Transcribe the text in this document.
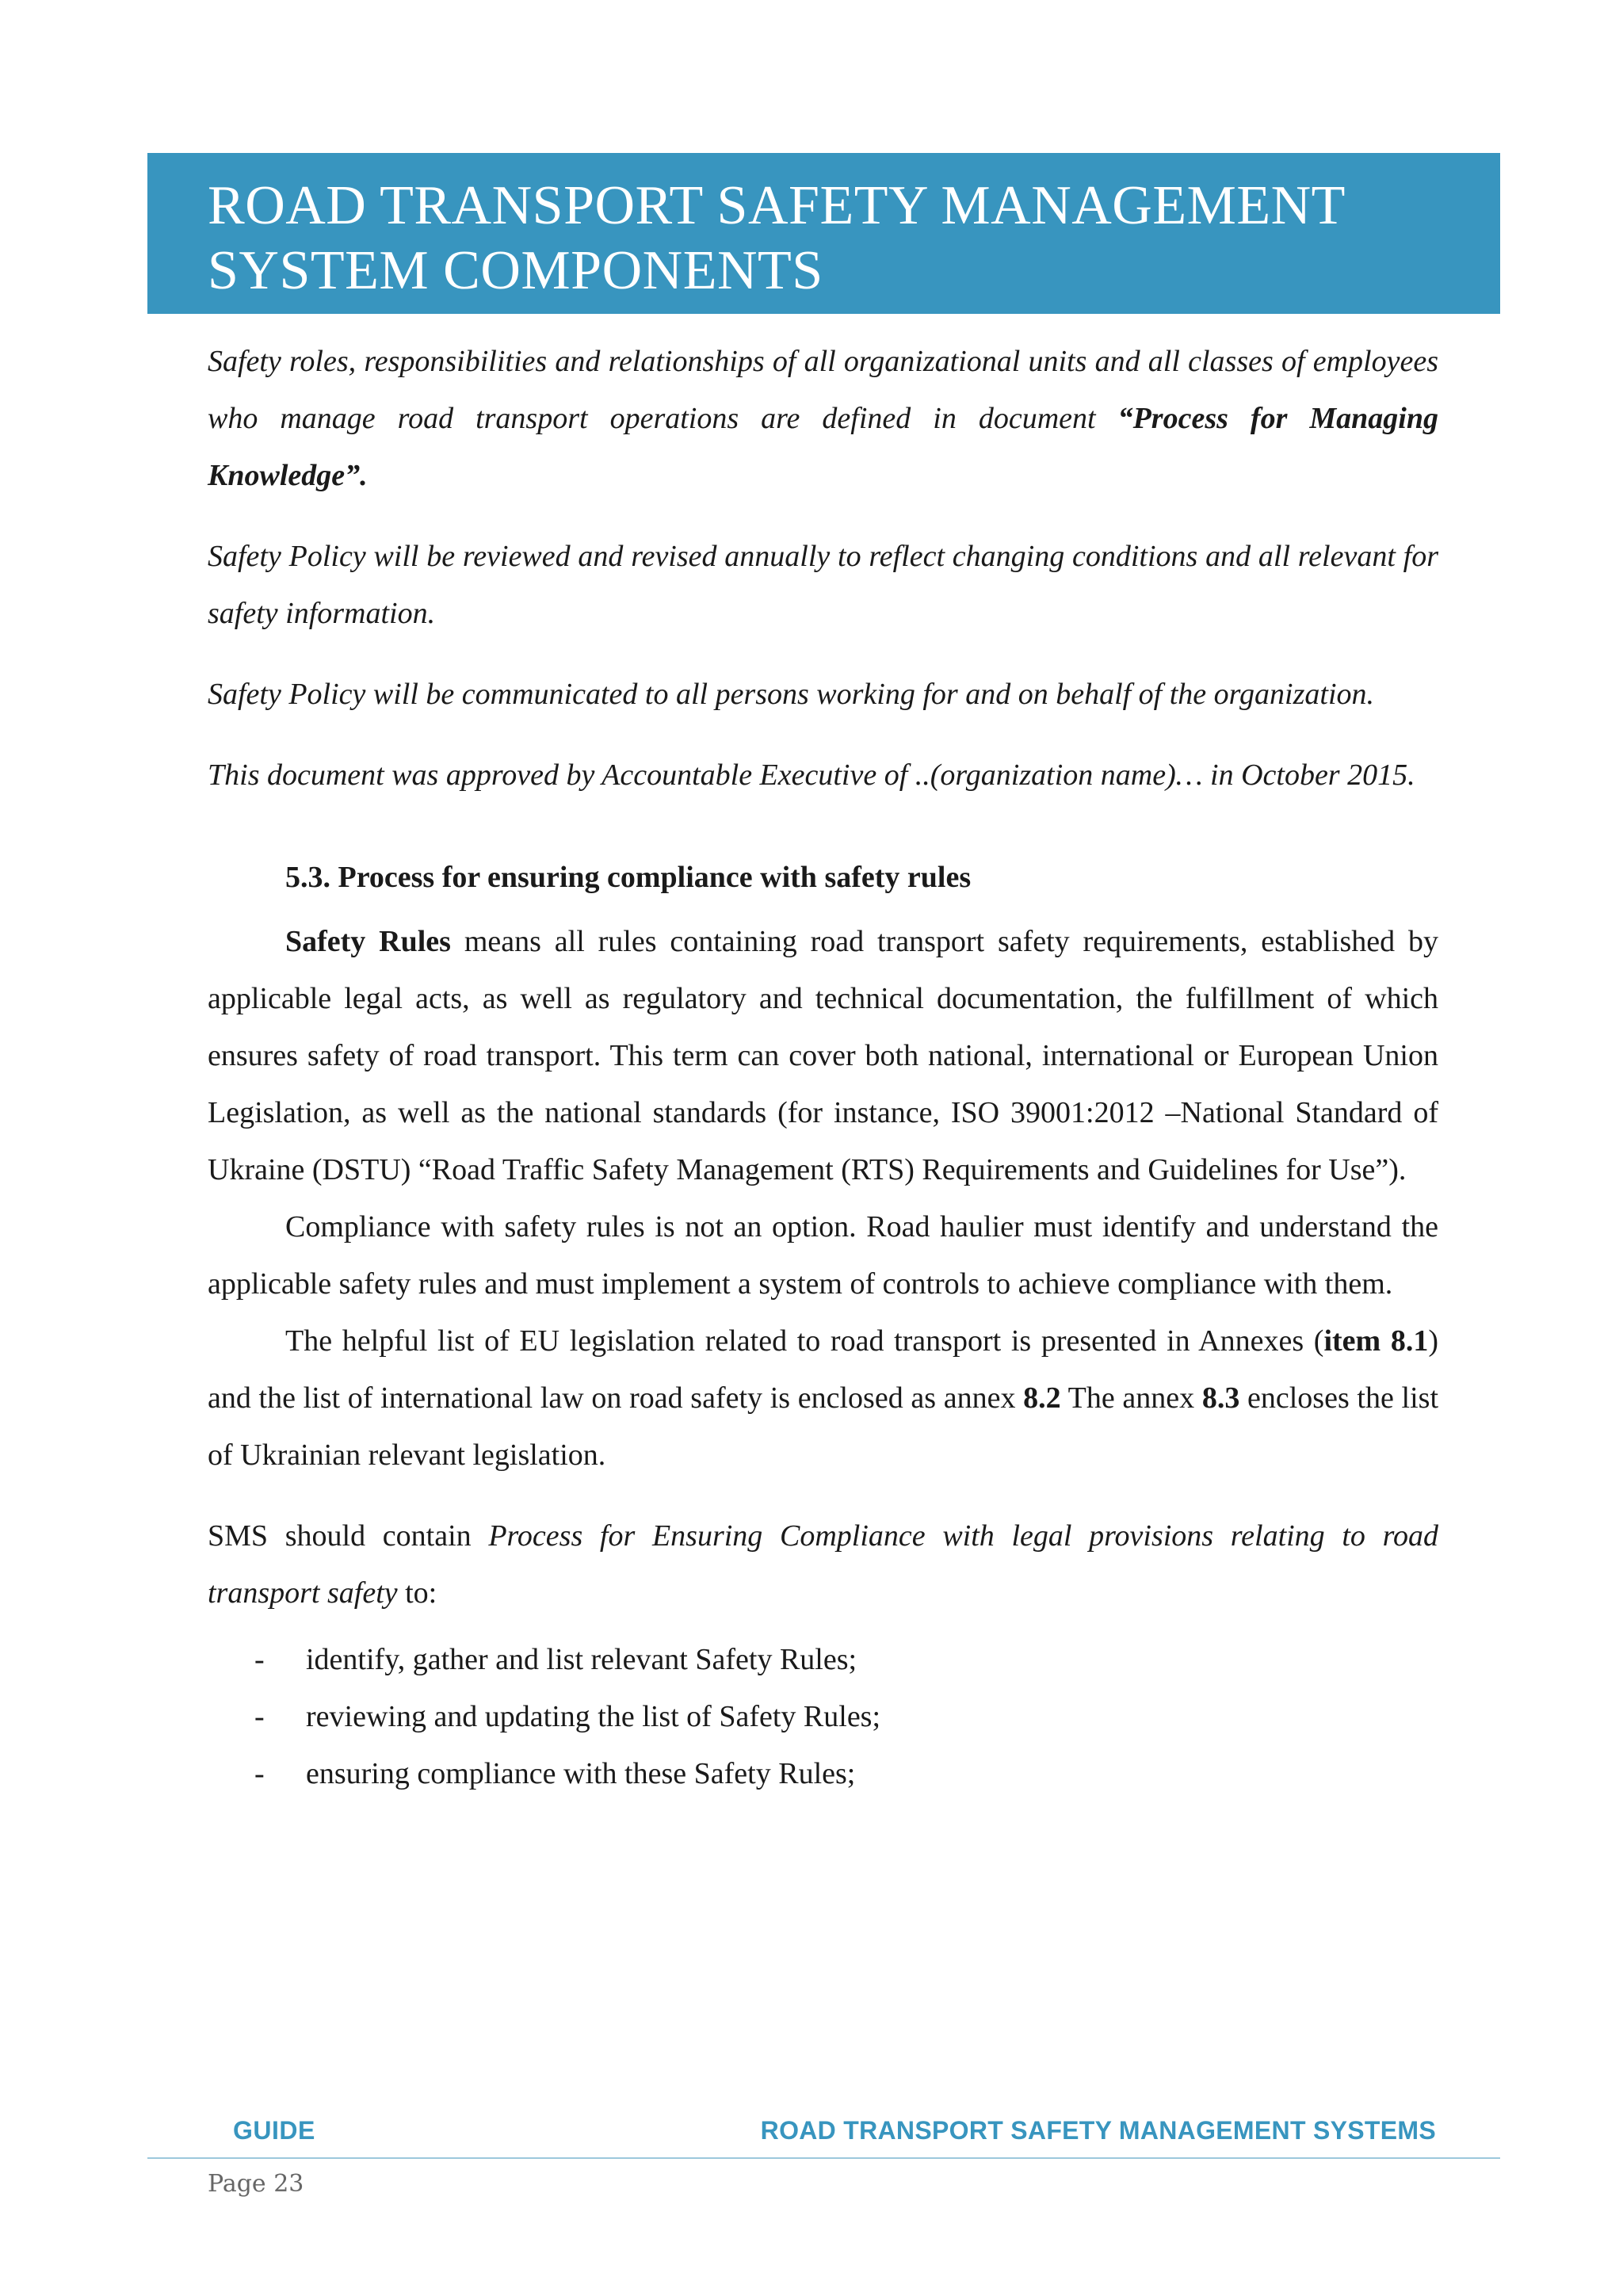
ROAD TRANSPORT SAFETY MANAGEMENT
SYSTEM COMPONENTS

Safety roles, responsibilities and relationships of all organizational units and all classes of employees who manage road transport operations are defined in document “Process for Managing Knowledge”.

Safety Policy will be reviewed and revised annually to reflect changing conditions and all relevant for safety information.

Safety Policy will be communicated to all persons working for and on behalf of the organization.

This document was approved by Accountable Executive of ..(organization name)… in October 2015.

5.3. Process for ensuring compliance with safety rules

Safety Rules means all rules containing road transport safety requirements, established by applicable legal acts, as well as regulatory and technical documentation, the fulfillment of which ensures safety of road transport. This term can cover both national, international or European Union Legislation, as well as the national standards (for instance, ISO 39001:2012 –National Standard of Ukraine (DSTU) “Road Traffic Safety Management (RTS) Requirements and Guidelines for Use”).

Compliance with safety rules is not an option. Road haulier must identify and understand the applicable safety rules and must implement a system of controls to achieve compliance with them.

The helpful list of EU legislation related to road transport is presented in Annexes (item 8.1) and the list of international law on road safety is enclosed as annex 8.2 The annex 8.3 encloses the list of Ukrainian relevant legislation.

SMS should contain Process for Ensuring Compliance with legal provisions relating to road transport safety to:

- identify, gather and list relevant Safety Rules;
- reviewing and updating the list of Safety Rules;
- ensuring compliance with these Safety Rules;
GUIDE	ROAD TRANSPORT SAFETY MANAGEMENT SYSTEMS
Page 23
